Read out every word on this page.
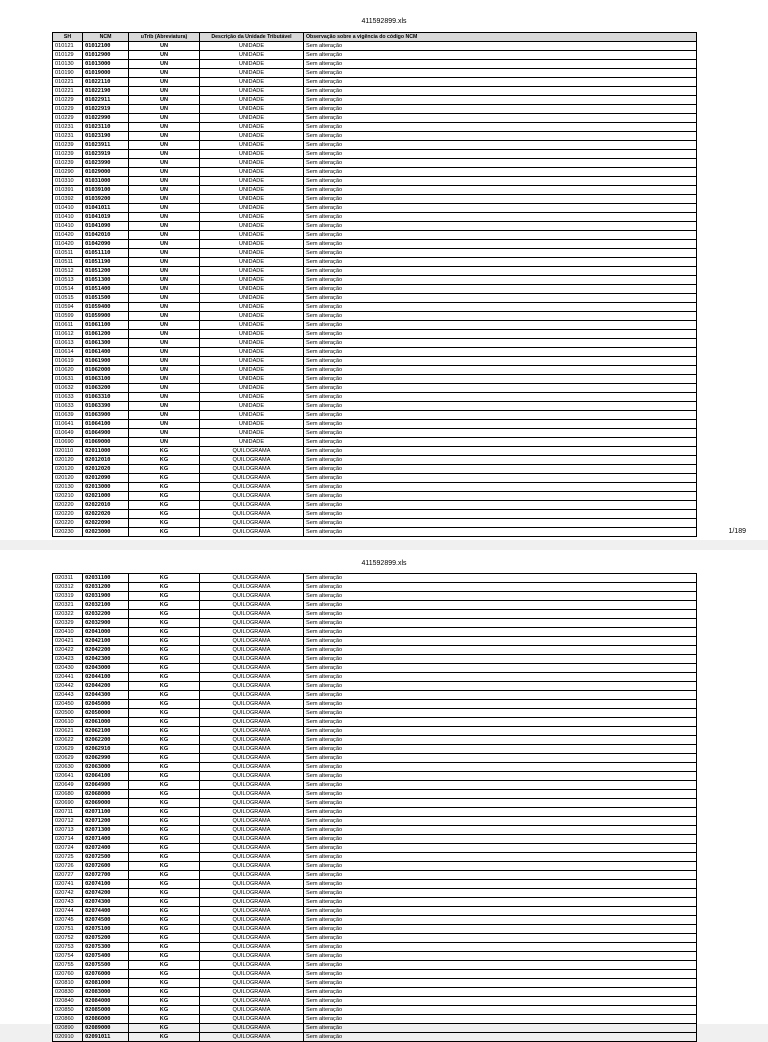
411592899.xls
SH	NCM	uTrib (Abreviatura)	Descrição da Unidade Tributável	Observação sobre a vigência do código NCM
010121	01012100	UN	UNIDADE	Sem alteração
010129	01012900	UN	UNIDADE	Sem alteração
010130	01013000	UN	UNIDADE	Sem alteração
010190	01019000	UN	UNIDADE	Sem alteração
010221	01022110	UN	UNIDADE	Sem alteração
010221	01022190	UN	UNIDADE	Sem alteração
010229	01022911	UN	UNIDADE	Sem alteração
010229	01022919	UN	UNIDADE	Sem alteração
010229	01022990	UN	UNIDADE	Sem alteração
010231	01023110	UN	UNIDADE	Sem alteração
010231	01023190	UN	UNIDADE	Sem alteração
010239	01023911	UN	UNIDADE	Sem alteração
010239	01023919	UN	UNIDADE	Sem alteração
010239	01023990	UN	UNIDADE	Sem alteração
010290	01029000	UN	UNIDADE	Sem alteração
010310	01031000	UN	UNIDADE	Sem alteração
010391	01039100	UN	UNIDADE	Sem alteração
010392	01039200	UN	UNIDADE	Sem alteração
010410	01041011	UN	UNIDADE	Sem alteração
010410	01041019	UN	UNIDADE	Sem alteração
010410	01041090	UN	UNIDADE	Sem alteração
010420	01042010	UN	UNIDADE	Sem alteração
010420	01042090	UN	UNIDADE	Sem alteração
010511	01051110	UN	UNIDADE	Sem alteração
010511	01051190	UN	UNIDADE	Sem alteração
010512	01051200	UN	UNIDADE	Sem alteração
010513	01051300	UN	UNIDADE	Sem alteração
010514	01051400	UN	UNIDADE	Sem alteração
010515	01051500	UN	UNIDADE	Sem alteração
010594	01059400	UN	UNIDADE	Sem alteração
010599	01059900	UN	UNIDADE	Sem alteração
010611	01061100	UN	UNIDADE	Sem alteração
010612	01061200	UN	UNIDADE	Sem alteração
010613	01061300	UN	UNIDADE	Sem alteração
010614	01061400	UN	UNIDADE	Sem alteração
010619	01061900	UN	UNIDADE	Sem alteração
010620	01062000	UN	UNIDADE	Sem alteração
010631	01063100	UN	UNIDADE	Sem alteração
010632	01063200	UN	UNIDADE	Sem alteração
010633	01063310	UN	UNIDADE	Sem alteração
010633	01063390	UN	UNIDADE	Sem alteração
010639	01063900	UN	UNIDADE	Sem alteração
010641	01064100	UN	UNIDADE	Sem alteração
010649	01064900	UN	UNIDADE	Sem alteração
010690	01069000	UN	UNIDADE	Sem alteração
020110	02011000	KG	QUILOGRAMA	Sem alteração
020120	02012010	KG	QUILOGRAMA	Sem alteração
020120	02012020	KG	QUILOGRAMA	Sem alteração
020120	02012090	KG	QUILOGRAMA	Sem alteração
020130	02013000	KG	QUILOGRAMA	Sem alteração
020210	02021000	KG	QUILOGRAMA	Sem alteração
020220	02022010	KG	QUILOGRAMA	Sem alteração
020220	02022020	KG	QUILOGRAMA	Sem alteração
020220	02022090	KG	QUILOGRAMA	Sem alteração
020230	02023000	KG	QUILOGRAMA	Sem alteração	1/189
411592899.xls
020311	02031100	KG	QUILOGRAMA	Sem alteração
020312	02031200	KG	QUILOGRAMA	Sem alteração
020319	02031900	KG	QUILOGRAMA	Sem alteração
020321	02032100	KG	QUILOGRAMA	Sem alteração
020322	02032200	KG	QUILOGRAMA	Sem alteração
020329	02032900	KG	QUILOGRAMA	Sem alteração
020410	02041000	KG	QUILOGRAMA	Sem alteração
020421	02042100	KG	QUILOGRAMA	Sem alteração
020422	02042200	KG	QUILOGRAMA	Sem alteração
020423	02042300	KG	QUILOGRAMA	Sem alteração
020430	02043000	KG	QUILOGRAMA	Sem alteração
020441	02044100	KG	QUILOGRAMA	Sem alteração
020442	02044200	KG	QUILOGRAMA	Sem alteração
020443	02044300	KG	QUILOGRAMA	Sem alteração
020450	02045000	KG	QUILOGRAMA	Sem alteração
020500	02050000	KG	QUILOGRAMA	Sem alteração
020610	02061000	KG	QUILOGRAMA	Sem alteração
020621	02062100	KG	QUILOGRAMA	Sem alteração
020622	02062200	KG	QUILOGRAMA	Sem alteração
020629	02062910	KG	QUILOGRAMA	Sem alteração
020629	02062990	KG	QUILOGRAMA	Sem alteração
020630	02063000	KG	QUILOGRAMA	Sem alteração
020641	02064100	KG	QUILOGRAMA	Sem alteração
020649	02064900	KG	QUILOGRAMA	Sem alteração
020680	02068000	KG	QUILOGRAMA	Sem alteração
020690	02069000	KG	QUILOGRAMA	Sem alteração
020711	02071100	KG	QUILOGRAMA	Sem alteração
020712	02071200	KG	QUILOGRAMA	Sem alteração
020713	02071300	KG	QUILOGRAMA	Sem alteração
020714	02071400	KG	QUILOGRAMA	Sem alteração
020724	02072400	KG	QUILOGRAMA	Sem alteração
020725	02072500	KG	QUILOGRAMA	Sem alteração
020726	02072600	KG	QUILOGRAMA	Sem alteração
020727	02072700	KG	QUILOGRAMA	Sem alteração
020741	02074100	KG	QUILOGRAMA	Sem alteração
020742	02074200	KG	QUILOGRAMA	Sem alteração
020743	02074300	KG	QUILOGRAMA	Sem alteração
020744	02074400	KG	QUILOGRAMA	Sem alteração
020745	02074500	KG	QUILOGRAMA	Sem alteração
020751	02075100	KG	QUILOGRAMA	Sem alteração
020752	02075200	KG	QUILOGRAMA	Sem alteração
020753	02075300	KG	QUILOGRAMA	Sem alteração
020754	02075400	KG	QUILOGRAMA	Sem alteração
020755	02075500	KG	QUILOGRAMA	Sem alteração
020760	02076000	KG	QUILOGRAMA	Sem alteração
020810	02081000	KG	QUILOGRAMA	Sem alteração
020830	02083000	KG	QUILOGRAMA	Sem alteração
020840	02084000	KG	QUILOGRAMA	Sem alteração
020850	02085000	KG	QUILOGRAMA	Sem alteração
020860	02086000	KG	QUILOGRAMA	Sem alteração
020890	02089000	KG	QUILOGRAMA	Sem alteração
020910	02091011	KG	QUILOGRAMA	Sem alteração
